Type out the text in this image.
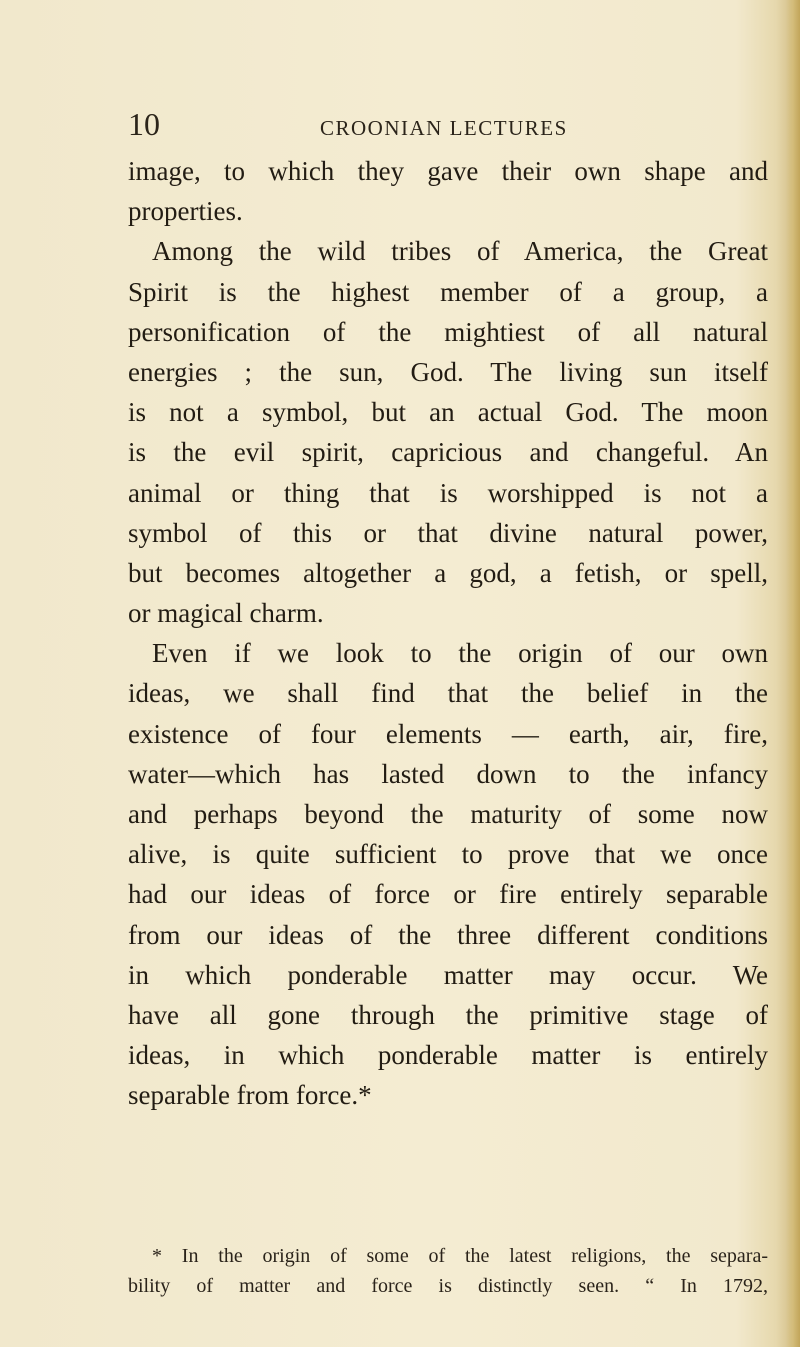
10	CROONIAN LECTURES
image, to which they gave their own shape and
properties.
Among the wild tribes of America, the Great
Spirit is the highest member of a group, a
personification of the mightiest of all natural
energies ; the sun, God. The living sun itself
is not a symbol, but an actual God. The moon
is the evil spirit, capricious and changeful. An
animal or thing that is worshipped is not a
symbol of this or that divine natural power,
but becomes altogether a god, a fetish, or spell,
or magical charm.
Even if we look to the origin of our own
ideas, we shall find that the belief in the
existence of four elements — earth, air, fire,
water—which has lasted down to the infancy
and perhaps beyond the maturity of some now
alive, is quite sufficient to prove that we once
had our ideas of force or fire entirely separable
from our ideas of the three different conditions
in which ponderable matter may occur. We
have all gone through the primitive stage of
ideas, in which ponderable matter is entirely
separable from force.*
* In the origin of some of the latest religions, the separa-
bility of matter and force is distinctly seen. “ In 1792,
